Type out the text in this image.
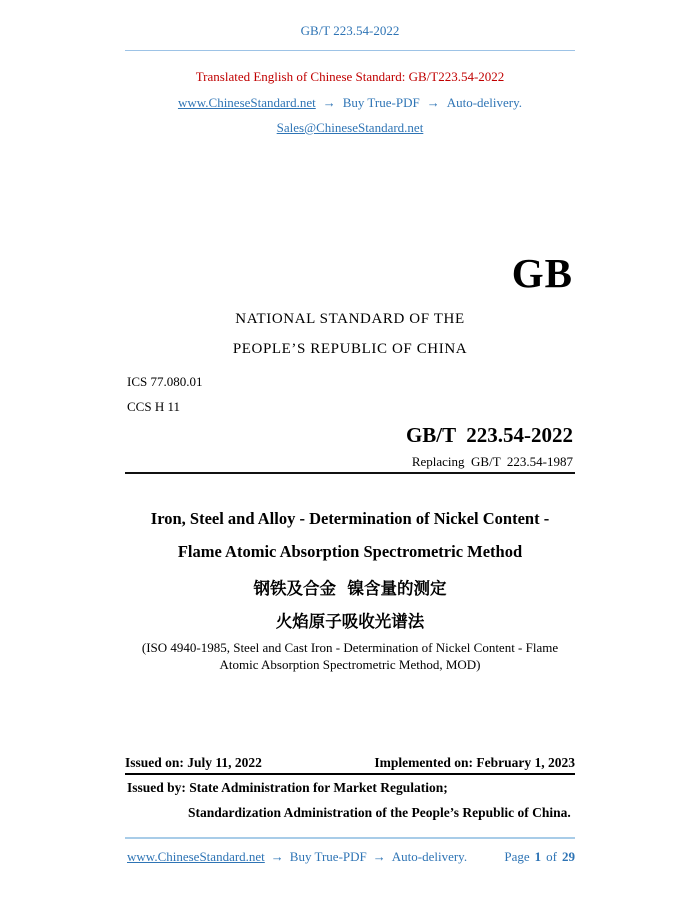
GB/T 223.54-2022
Translated English of Chinese Standard: GB/T223.54-2022
www.ChineseStandard.net → Buy True-PDF → Auto-delivery.
Sales@ChineseStandard.net
GB
NATIONAL STANDARD OF THE
PEOPLE’S REPUBLIC OF CHINA
ICS 77.080.01
CCS H 11
GB/T  223.54-2022
Replacing  GB/T  223.54-1987
Iron, Steel and Alloy - Determination of Nickel Content -
Flame Atomic Absorption Spectrometric Method
钢铁及合金  镍含量的测定
火焰原子吸收光谱法
(ISO 4940-1985, Steel and Cast Iron - Determination of Nickel Content - Flame
Atomic Absorption Spectrometric Method, MOD)
Issued on: July 11, 2022	Implemented on: February 1, 2023
Issued by: State Administration for Market Regulation;
Standardization Administration of the People’s Republic of China.
www.ChineseStandard.net → Buy True-PDF → Auto-delivery.	Page 1 of 29
